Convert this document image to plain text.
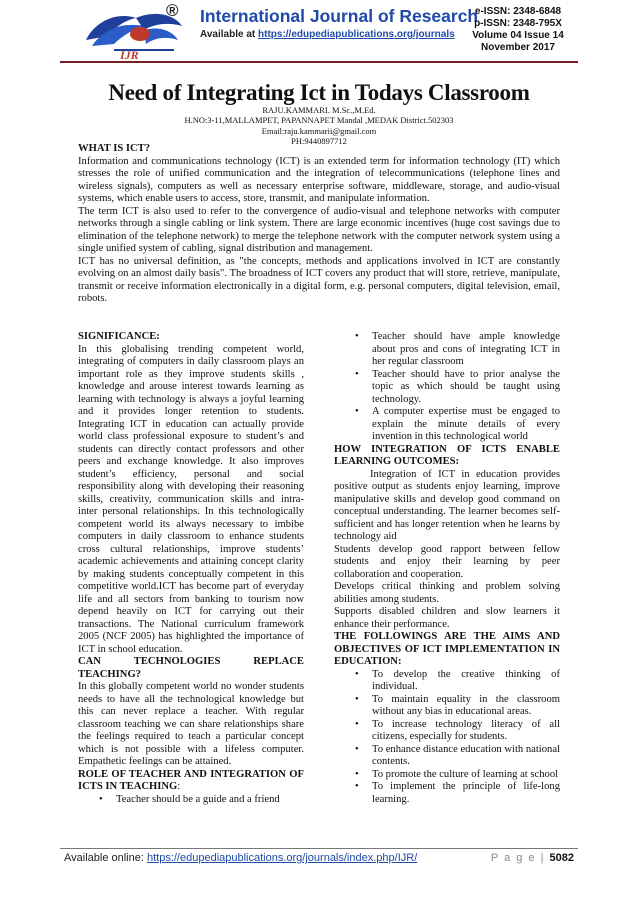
IJR
® International Journal of Research
Available at https://edupediapublications.org/journals
e-ISSN: 2348-6848
p-ISSN: 2348-795X
Volume 04 Issue 14
November 2017
Need of Integrating Ict in Todays Classroom
RAJU.KAMMARI. M.Sc.,M.Ed.
H.NO:3-11,MALLAMPET, PAPANNAPET Mandal ,MEDAK District.502303
Email:raju.kammarii@gmail.com
PH:9440897712

WHAT IS ICT?

Information and communications technology (ICT) is an extended term for information technology (IT) which stresses the role of unified communication and the integration of telecommunications (telephone lines and wireless signals), computers as well as necessary enterprise software, middleware, storage, and audio-visual systems, which enable users to access, store, transmit, and manipulate information.

The term ICT is also used to refer to the convergence of audio-visual and telephone networks with computer networks through a single cabling or link system. There are large economic incentives (huge cost savings due to elimination of the telephone network) to merge the telephone network with the computer network system using a single unified system of cabling, signal distribution and management.

ICT has no universal definition, as "the concepts, methods and applications involved in ICT are constantly evolving on an almost daily basis". The broadness of ICT covers any product that will store, retrieve, manipulate, transmit or receive information electronically in a digital form, e.g. personal computers, digital television, email, robots.

SIGNIFICANCE:

In this globalising trending competent world, integrating of computers in daily classroom plays an important role as they improve students skills , knowledge and arouse interest towards learning as learning with technology is always a joyful learning and it provides longer retention to students. Integrating ICT in education can actually provide world class professional exposure to student’s and students can directly contact professors and other peers and exchange knowledge. It also improves student’s efficiency, personal and social responsibility along with developing their reasoning skills, creativity, communication skills and intra-inter personal relationships. In this technologically competent world its always necessary to imbibe computers in daily classroom to enhance students cross cultural relationships, improve students’ academic achievements and attaining concept clarity by making students conceptually competent in this competitive world.ICT has become part of everyday life and all sectors from banking to tourism now depend heavily on ICT for carrying out their transactions. The National curriculum framework 2005 (NCF 2005) has highlighted the importance of ICT in school education.

CAN TECHNOLOGIES REPLACE TEACHING?

In this globally competent world no wonder students needs to have all the technological knowledge but this can never replace a teacher. With regular classroom teaching we can share relationships share the feelings required to teach a particular concept which is not possible with a lifeless computer. Empathetic feelings can be attained.

ROLE OF TEACHER AND INTEGRATION OF ICTS IN TEACHING:

• Teacher should be a guide and a friend
• Teacher should have ample knowledge about pros and cons of integrating ICT in her regular classroom
• Teacher should have to prior analyse the topic as which should be taught using technology.
• A computer expertise must be engaged to explain the minute details of every invention in this technological world

HOW INTEGRATION OF ICTS ENABLE LEARNING OUTCOMES:

Integration of ICT in education provides positive output as students enjoy learning, improve manipulative skills and develop good command on conceptual understanding. The learner becomes self-sufficient and has longer retention when he learns by technology aid

Students develop good rapport between fellow students and enjoy their learning by peer collaboration and cooperation.

Develops critical thinking and problem solving abilities among students.

Supports disabled children and slow learners it enhance their performance.

THE FOLLOWINGS ARE THE AIMS AND OBJECTIVES OF ICT IMPLEMENTATION IN EDUCATION:

• To develop the creative thinking of individual.
• To maintain equality in the classroom without any bias in educational areas.
• To increase technology literacy of all citizens, especially for students.
• To enhance distance education with national contents.
• To promote the culture of learning at school
• To implement the principle of life-long learning.
Available online: https://edupediapublications.org/journals/index.php/IJR/	P a g e | 5082
